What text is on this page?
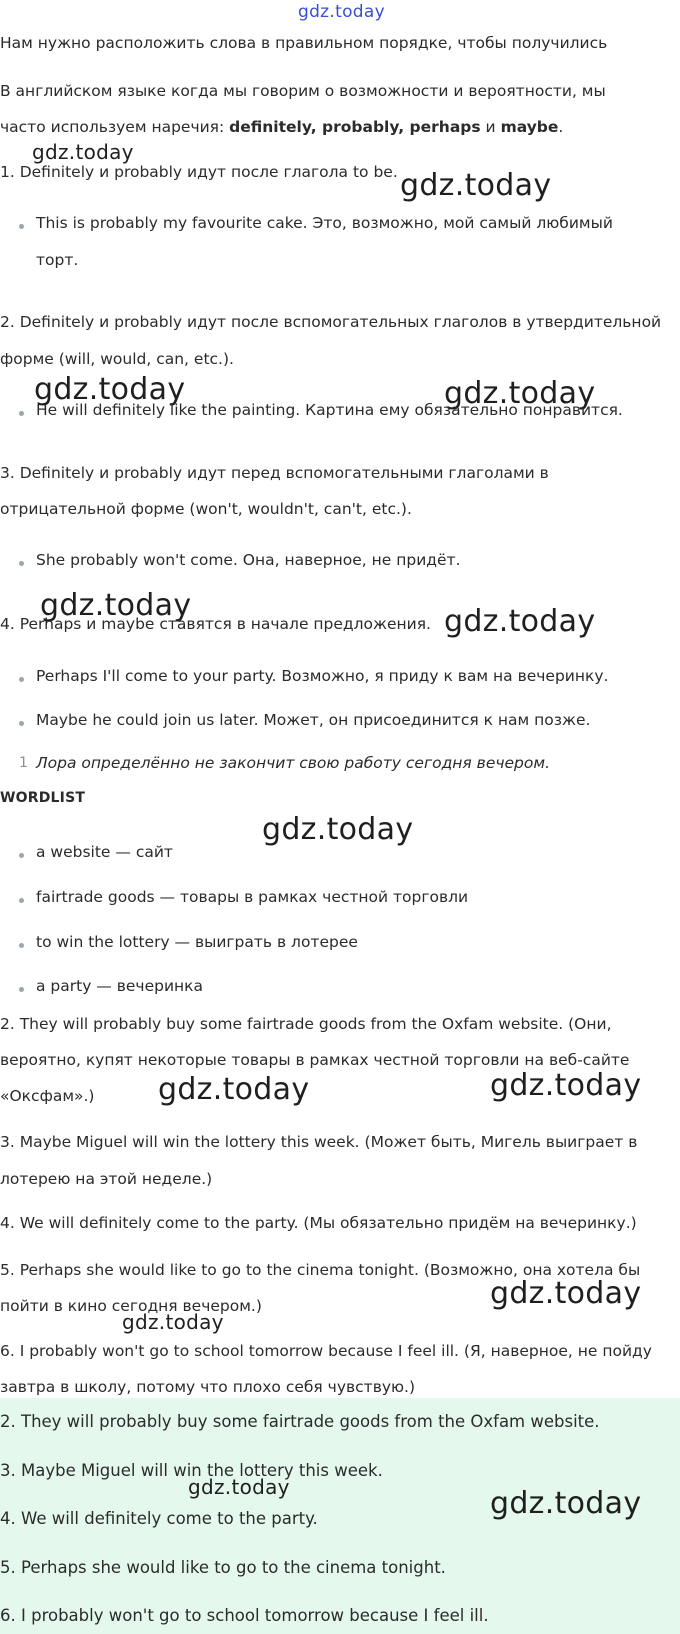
gdz.today
gdz.today
gdz.today
gdz.today	gdz.today
gdz.today	gdz.today
gdz.today
gdz.today	gdz.today
gdz.today
gdz.today
Нам нужно расположить слова в правильном порядке, чтобы получились
В английском языке когда мы говорим о возможности и вероятности, мы
часто используем наречия: definitely, probably, perhaps и maybe.
1. Definitely и probably идут после глагола to be.
This is probably my favourite cake. Это, возможно, мой самый любимый
торт.
2. Definitely и probably идут после вспомогательных глаголов в утвердительной
форме (will, would, can, etc.).
He will definitely like the painting. Картина ему обязательно понравится.
3. Definitely и probably идут перед вспомогательными глаголами в
отрицательной форме (won't, wouldn't, can't, etc.).
She probably won't come. Она, наверное, не придёт.
4. Perhaps и maybe ставятся в начале предложения.
Perhaps I'll come to your party. Возможно, я приду к вам на вечеринку.
Maybe he could join us later. Может, он присоединится к нам позже.
1 Лора определённо не закончит свою работу сегодня вечером.
WORDLIST
a website — сайт
fairtrade goods — товары в рамках честной торговли
to win the lottery — выиграть в лотерее
a party — вечеринка
2. They will probably buy some fairtrade goods from the Oxfam website. (Они,
вероятно, купят некоторые товары в рамках честной торговли на веб-сайте
«Оксфам».)
3. Maybe Miguel will win the lottery this week. (Может быть, Мигель выиграет в
лотерею на этой неделе.)
4. We will definitely come to the party. (Мы обязательно придём на вечеринку.)
5. Perhaps she would like to go to the cinema tonight. (Возможно, она хотела бы
пойти в кино сегодня вечером.)
6. I probably won't go to school tomorrow because I feel ill. (Я, наверное, не пойду
завтра в школу, потому что плохо себя чувствую.)
2. They will probably buy some fairtrade goods from the Oxfam website.
3. Maybe Miguel will win the lottery this week.
4. We will definitely come to the party.
5. Perhaps she would like to go to the cinema tonight.
6. I probably won't go to school tomorrow because I feel ill.
gdz.today	gdz.today
